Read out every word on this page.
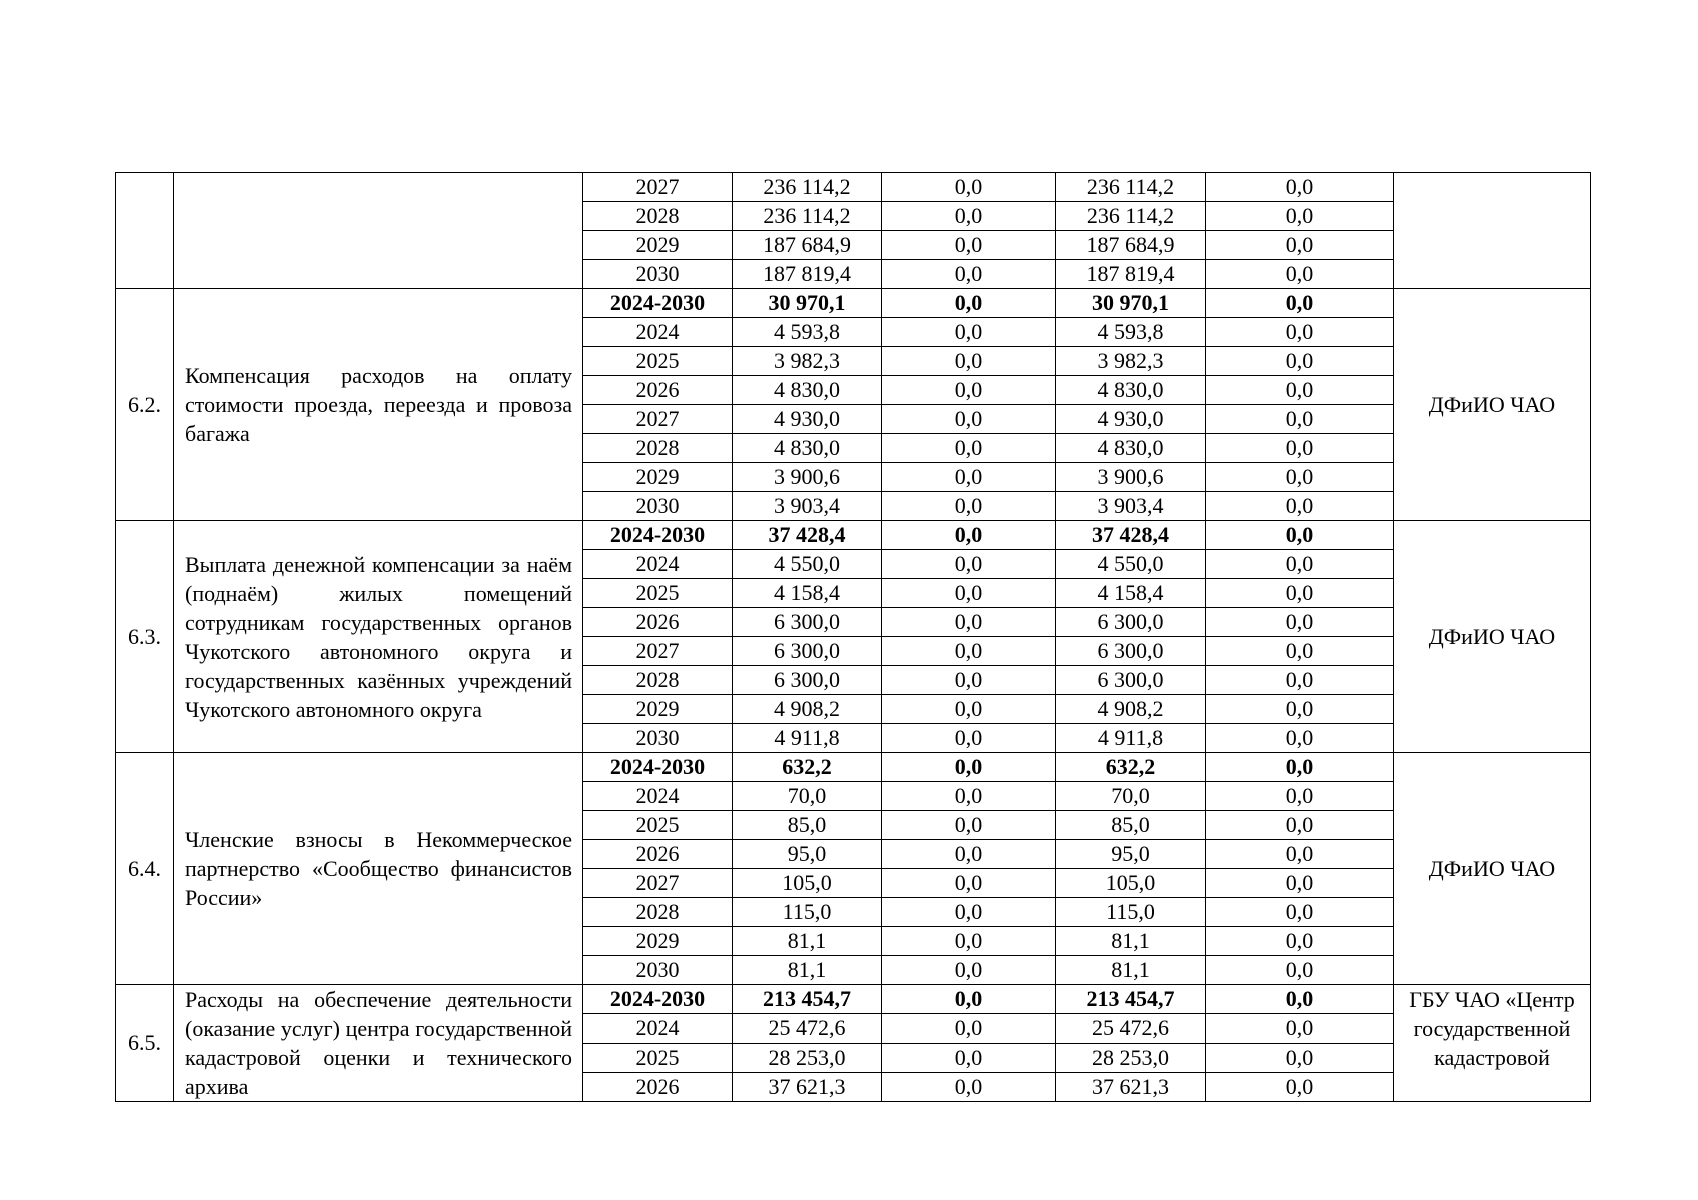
		2027	236 114,2	0,0	236 114,2	0,0	
		2028	236 114,2	0,0	236 114,2	0,0	
		2029	187 684,9	0,0	187 684,9	0,0	
		2030	187 819,4	0,0	187 819,4	0,0	
6.2.	Компенсация расходов на оплату стоимости проезда, переезда и провоза багажа	2024-2030	30 970,1	0,0	30 970,1	0,0	ДФиИО ЧАО
		2024	4 593,8	0,0	4 593,8	0,0	
		2025	3 982,3	0,0	3 982,3	0,0	
		2026	4 830,0	0,0	4 830,0	0,0	
		2027	4 930,0	0,0	4 930,0	0,0	
		2028	4 830,0	0,0	4 830,0	0,0	
		2029	3 900,6	0,0	3 900,6	0,0	
		2030	3 903,4	0,0	3 903,4	0,0	
6.3.	Выплата денежной компенсации за наём (поднаём) жилых помещений сотрудникам государственных органов Чукотского автономного округа и государственных казённых учреждений Чукотского автономного округа	2024-2030	37 428,4	0,0	37 428,4	0,0	ДФиИО ЧАО
		2024	4 550,0	0,0	4 550,0	0,0	
		2025	4 158,4	0,0	4 158,4	0,0	
		2026	6 300,0	0,0	6 300,0	0,0	
		2027	6 300,0	0,0	6 300,0	0,0	
		2028	6 300,0	0,0	6 300,0	0,0	
		2029	4 908,2	0,0	4 908,2	0,0	
		2030	4 911,8	0,0	4 911,8	0,0	
6.4.	Членские взносы в Некоммерческое партнерство «Сообщество финансистов России»	2024-2030	632,2	0,0	632,2	0,0	ДФиИО ЧАО
		2024	70,0	0,0	70,0	0,0	
		2025	85,0	0,0	85,0	0,0	
		2026	95,0	0,0	95,0	0,0	
		2027	105,0	0,0	105,0	0,0	
		2028	115,0	0,0	115,0	0,0	
		2029	81,1	0,0	81,1	0,0	
		2030	81,1	0,0	81,1	0,0	
6.5.	Расходы на обеспечение деятельности (оказание услуг) центра государственной кадастровой оценки и технического архива	2024-2030	213 454,7	0,0	213 454,7	0,0	ГБУ ЧАО «Центр государственной кадастровой
		2024	25 472,6	0,0	25 472,6	0,0	
		2025	28 253,0	0,0	28 253,0	0,0	
		2026	37 621,3	0,0	37 621,3	0,0	
